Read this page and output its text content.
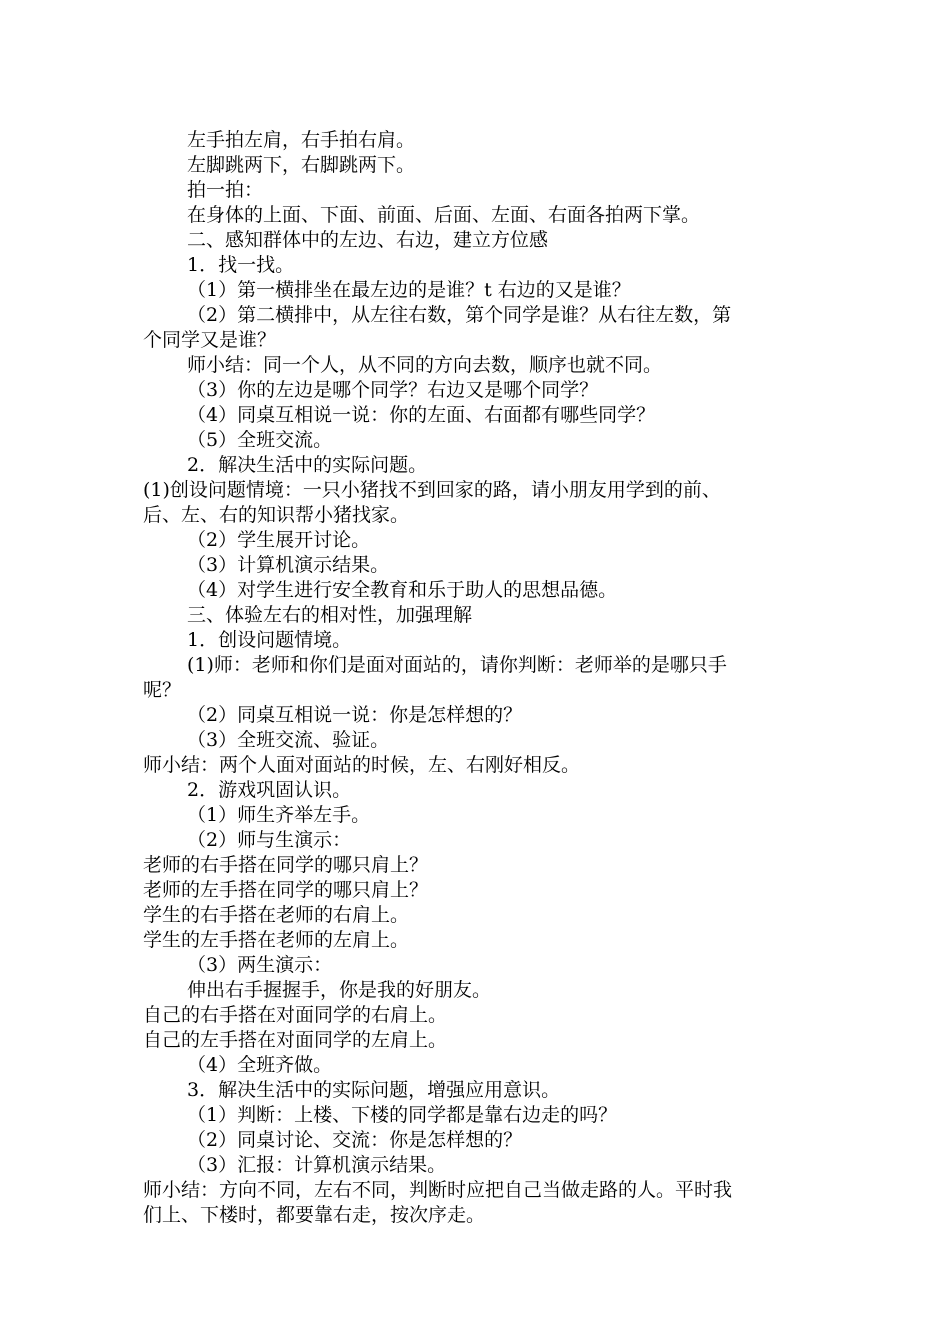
左手拍左肩，右手拍右肩。
左脚跳两下，右脚跳两下。
拍一拍：
在身体的上面、下面、前面、后面、左面、右面各拍两下掌。
二、感知群体中的左边、右边，建立方位感
1．找一找。
（1）第一横排坐在最左边的是谁？t 右边的又是谁？
（2）第二横排中，从左往右数，第个同学是谁？从右往左数，第
个同学又是谁？
师小结：同一个人，从不同的方向去数，顺序也就不同。
（3）你的左边是哪个同学？右边又是哪个同学？
（4）同桌互相说一说：你的左面、右面都有哪些同学？
（5）全班交流。
2．解决生活中的实际问题。
(1)创设问题情境：一只小猪找不到回家的路，请小朋友用学到的前、
后、左、右的知识帮小猪找家。
（2）学生展开讨论。
（3）计算机演示结果。
（4）对学生进行安全教育和乐于助人的思想品德。
三、体验左右的相对性，加强理解
1．创设问题情境。
(1)师：老师和你们是面对面站的，请你判断：老师举的是哪只手
呢？
（2）同桌互相说一说：你是怎样想的？
（3）全班交流、验证。
师小结：两个人面对面站的时候，左、右刚好相反。
2．游戏巩固认识。
（1）师生齐举左手。
（2）师与生演示：
老师的右手搭在同学的哪只肩上？
老师的左手搭在同学的哪只肩上？
学生的右手搭在老师的右肩上。
学生的左手搭在老师的左肩上。
（3）两生演示：
伸出右手握握手，你是我的好朋友。
自己的右手搭在对面同学的右肩上。
自己的左手搭在对面同学的左肩上。
（4）全班齐做。
3．解决生活中的实际问题，增强应用意识。
（1）判断：上楼、下楼的同学都是靠右边走的吗？
（2）同桌讨论、交流：你是怎样想的？
（3）汇报：计算机演示结果。
师小结：方向不同，左右不同，判断时应把自己当做走路的人。平时我
们上、下楼时，都要靠右走，按次序走。
